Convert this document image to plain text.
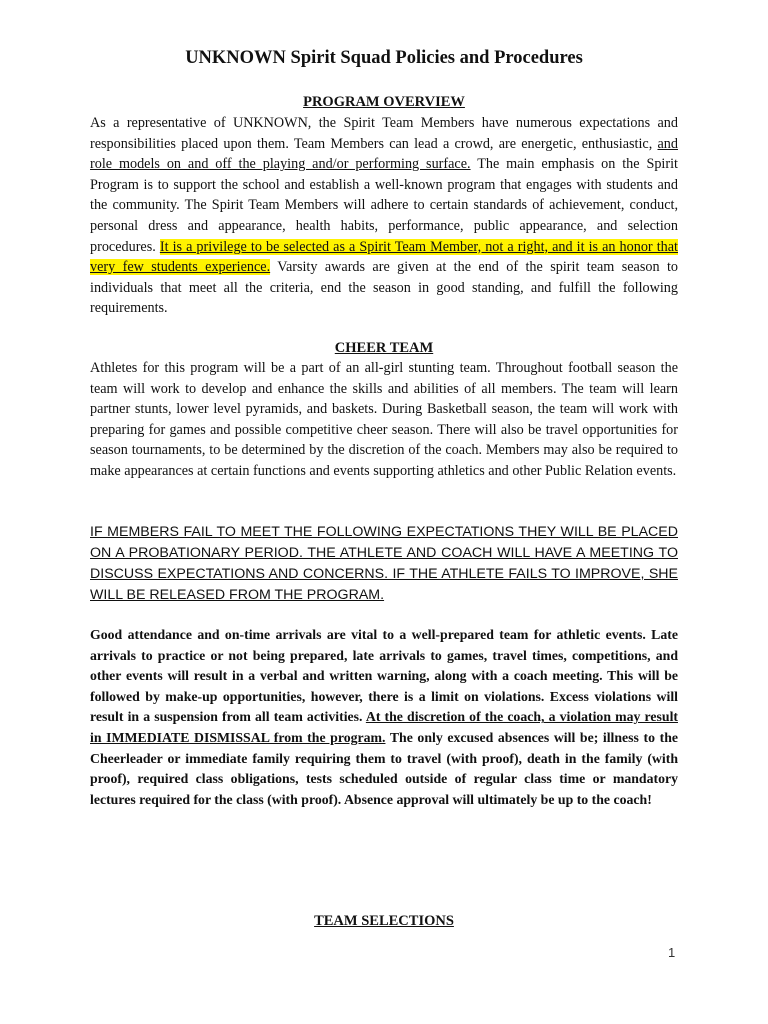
UNKNOWN Spirit Squad Policies and Procedures
PROGRAM OVERVIEW

As a representative of UNKNOWN, the Spirit Team Members have numerous expectations and responsibilities placed upon them. Team Members can lead a crowd, are energetic, enthusiastic, and role models on and off the playing and/or performing surface. The main emphasis on the Spirit Program is to support the school and establish a well-known program that engages with students and the community. The Spirit Team Members will adhere to certain standards of achievement, conduct, personal dress and appearance, health habits, performance, public appearance, and selection procedures. It is a privilege to be selected as a Spirit Team Member, not a right, and it is an honor that very few students experience. Varsity awards are given at the end of the spirit team season to individuals that meet all the criteria, end the season in good standing, and fulfill the following requirements.

CHEER TEAM

Athletes for this program will be a part of an all-girl stunting team. Throughout football season the team will work to develop and enhance the skills and abilities of all members. The team will learn partner stunts, lower level pyramids, and baskets. During Basketball season, the team will work with preparing for games and possible competitive cheer season. There will also be travel opportunities for season tournaments, to be determined by the discretion of the coach. Members may also be required to make appearances at certain functions and events supporting athletics and other Public Relation events.

IF MEMBERS FAIL TO MEET THE FOLLOWING EXPECTATIONS THEY WILL BE PLACED ON A PROBATIONARY PERIOD. THE ATHLETE AND COACH WILL HAVE A MEETING TO DISCUSS EXPECTATIONS AND CONCERNS. IF THE ATHLETE FAILS TO IMPROVE, SHE WILL BE RELEASED FROM THE PROGRAM.

Good attendance and on-time arrivals are vital to a well-prepared team for athletic events. Late arrivals to practice or not being prepared, late arrivals to games, travel times, competitions, and other events will result in a verbal and written warning, along with a coach meeting. This will be followed by make-up opportunities, however, there is a limit on violations. Excess violations will result in a suspension from all team activities. At the discretion of the coach, a violation may result in IMMEDIATE DISMISSAL from the program. The only excused absences will be; illness to the Cheerleader or immediate family requiring them to travel (with proof), death in the family (with proof), required class obligations, tests scheduled outside of regular class time or mandatory lectures required for the class (with proof). Absence approval will ultimately be up to the coach!

TEAM SELECTIONS
1
